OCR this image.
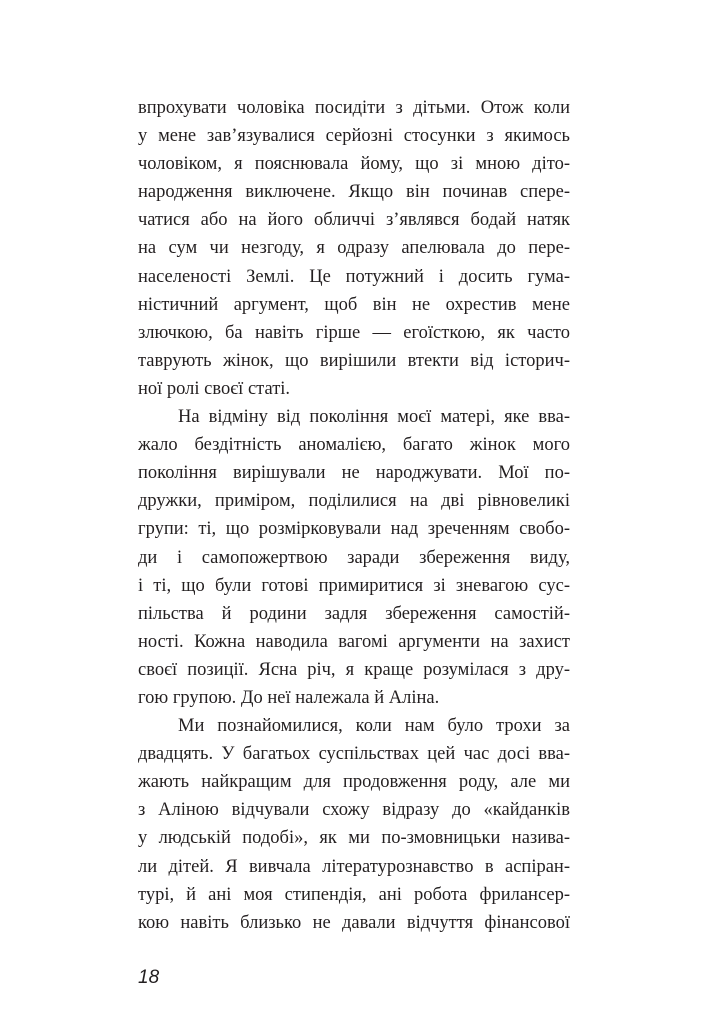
впрохувати чоловіка посидіти з дітьми. Отож коли
у мене зав’язувалися серйозні стосунки з якимось
чоловіком, я пояснювала йому, що зі мною діто-
народження виключене. Якщо він починав спере-
чатися або на його обличчі з’являвся бодай натяк
на сум чи незгоду, я одразу апелювала до пере-
населеності Землі. Це потужний і досить гума-
ністичний аргумент, щоб він не охрестив мене
злючкою, ба навіть гірше — егоїсткою, як часто
таврують жінок, що вирішили втекти від історич-
ної ролі своєї статі.
На відміну від покоління моєї матері, яке вва-
жало бездітність аномалією, багато жінок мого
покоління вирішували не народжувати. Мої по-
дружки, приміром, поділилися на дві рівновеликі
групи: ті, що розмірковували над зреченням свобо-
ди і самопожертвою заради збереження виду,
і ті, що були готові примиритися зі зневагою сус-
пільства й родини задля збереження самостій-
ності. Кожна наводила вагомі аргументи на захист
своєї позиції. Ясна річ, я краще розумілася з дру-
гою групою. До неї належала й Аліна.
Ми познайомилися, коли нам було трохи за
двадцять. У багатьох суспільствах цей час досі вва-
жають найкращим для продовження роду, але ми
з Аліною відчували схожу відразу до «кайданків
у людській подобі», як ми по-змовницьки назива-
ли дітей. Я вивчала літературознавство в аспіран-
турі, й ані моя стипендія, ані робота фрилансер-
кою навіть близько не давали відчуття фінансової
18
